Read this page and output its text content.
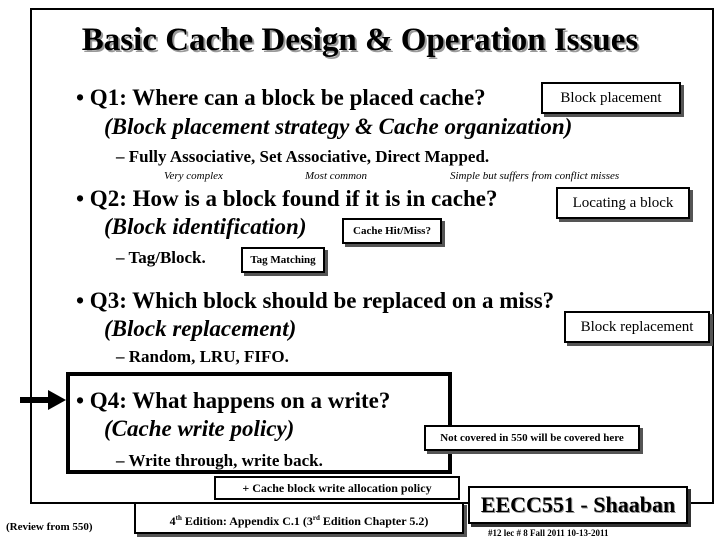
Basic Cache Design & Operation Issues
• Q1: Where can a block be placed cache?	Block placement
(Block placement strategy & Cache organization)
– Fully Associative, Set Associative, Direct Mapped.
Very complex	Most common	Simple but suffers from conflict misses
• Q2: How is a block found if it is in cache?	Locating a block
(Block identification)	Cache Hit/Miss?
– Tag/Block.	Tag Matching
• Q3: Which block should be replaced on a miss?
(Block replacement)	Block replacement
– Random, LRU, FIFO.
• Q4: What happens on a write?
(Cache write policy)	Not covered in 550 will be covered here
– Write through, write back.
+ Cache block write allocation policy
(Review from 550)	4th Edition: Appendix C.1 (3rd Edition Chapter 5.2)
EECC551 - Shaaban
#12 lec # 8 Fall 2011 10-13-2011
